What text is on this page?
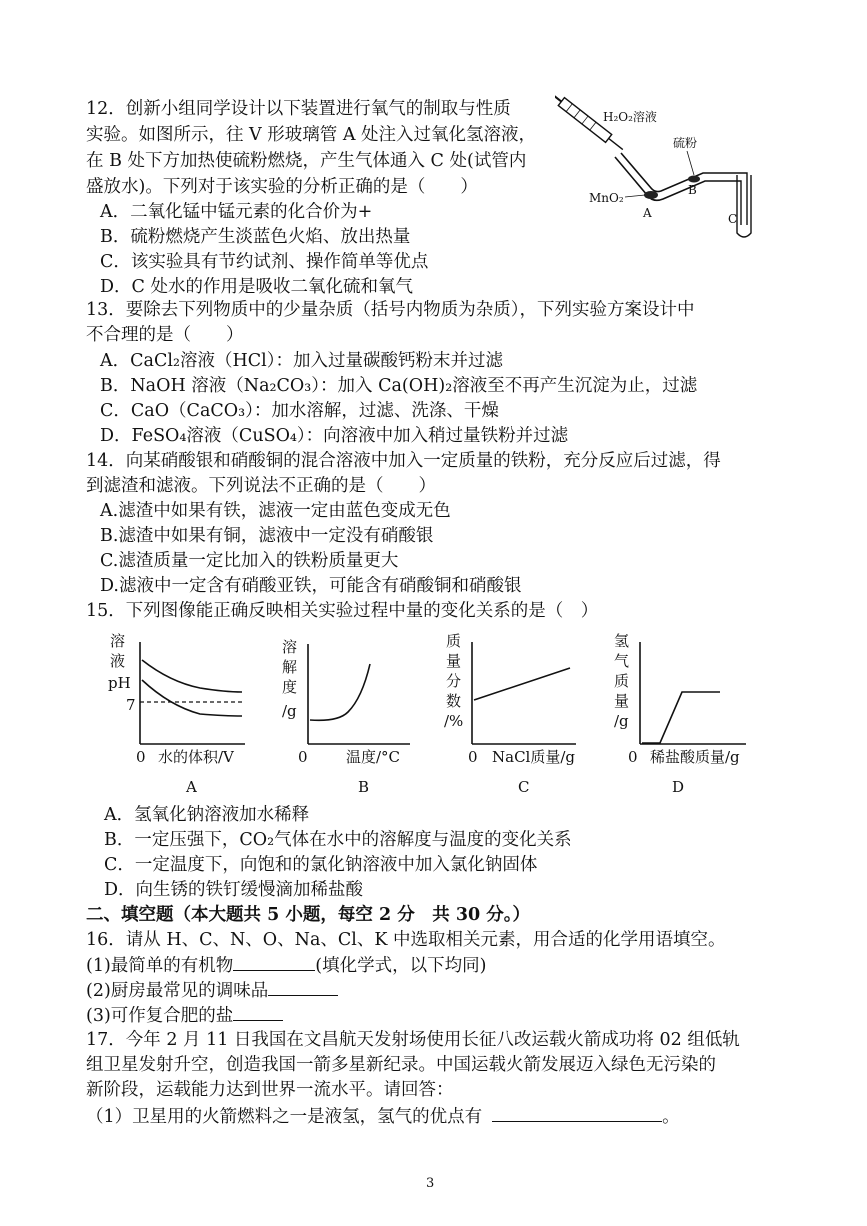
12．创新小组同学设计以下装置进行氧气的制取与性质
实验。如图所示，往 V 形玻璃管 A 处注入过氧化氢溶液，
在 B 处下方加热使硫粉燃烧，产生气体通入 C 处(试管内
盛放水)。下列对于该实验的分析正确的是（　　）
A．二氧化锰中锰元素的化合价为+
B．硫粉燃烧产生淡蓝色火焰、放出热量
C．该实验具有节约试剂、操作简单等优点
D．C 处水的作用是吸收二氧化硫和氧气
H₂O₂溶液
硫粉
MnO₂
A
B
C
13．要除去下列物质中的少量杂质（括号内物质为杂质），下列实验方案设计中
不合理的是（　　）
A．CaCl₂溶液（HCl）：加入过量碳酸钙粉末并过滤
B．NaOH 溶液（Na₂CO₃）：加入 Ca(OH)₂溶液至不再产生沉淀为止，过滤
C．CaO（CaCO₃）：加水溶解，过滤、洗涤、干燥
D．FeSO₄溶液（CuSO₄）：向溶液中加入稍过量铁粉并过滤
14．向某硝酸银和硝酸铜的混合溶液中加入一定质量的铁粉，充分反应后过滤，得
到滤渣和滤液。下列说法不正确的是（　　）
A.滤渣中如果有铁，滤液一定由蓝色变成无色
B.滤渣中如果有铜，滤液中一定没有硝酸银
C.滤渣质量一定比加入的铁粉质量更大
D.滤液中一定含有硝酸亚铁，可能含有硝酸铜和硝酸银
15．下列图像能正确反映相关实验过程中量的变化关系的是（　）
溶
液
pH
7
0 水的体积/V
A
溶
解
度
/g
0	温度/°C
B
质
量
分
数
/%
0 NaCl质量/g
C
氢
气
质
量
/g
0 稀盐酸质量/g
D
A．氢氧化钠溶液加水稀释
B．一定压强下，CO₂气体在水中的溶解度与温度的变化关系
C．一定温度下，向饱和的氯化钠溶液中加入氯化钠固体
D．向生锈的铁钉缓慢滴加稀盐酸
二、填空题（本大题共 5 小题，每空 2 分　共 30 分。）
16．请从 H、C、N、O、Na、Cl、K 中选取相关元素，用合适的化学用语填空。
(1)最简单的有机物	(填化学式，以下均同)
(2)厨房最常见的调味品
(3)可作复合肥的盐
17．今年 2 月 11 日我国在文昌航天发射场使用长征八改运载火箭成功将 02 组低轨
组卫星发射升空，创造我国一箭多星新纪录。中国运载火箭发展迈入绿色无污染的
新阶段，运载能力达到世界一流水平。请回答：
（1）卫星用的火箭燃料之一是液氢，氢气的优点有	。
3
